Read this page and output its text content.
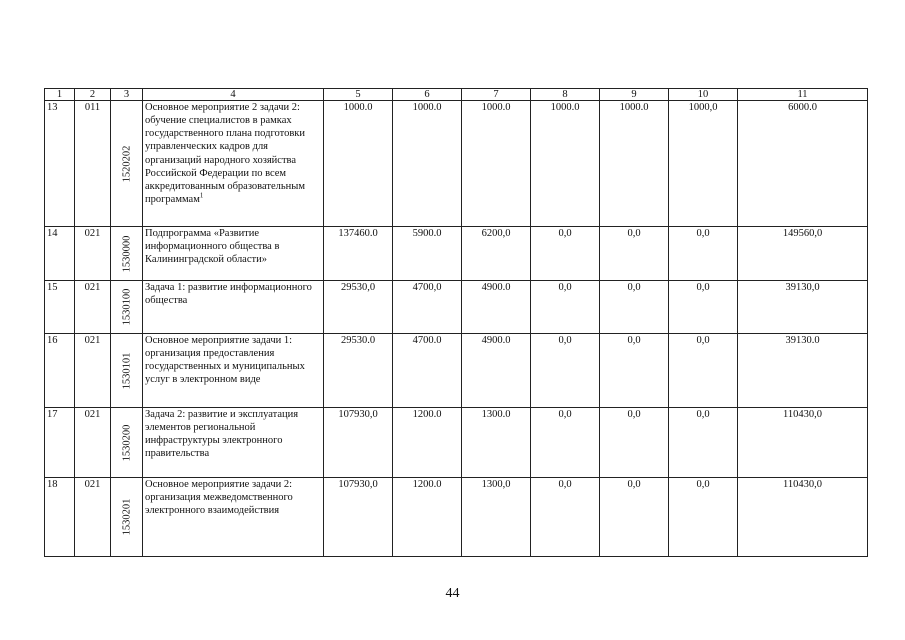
1	2	3	4	5	6	7	8	9	10	11
13	011	1520202	Основное мероприятие 2 задачи 2: обучение специалистов в рамках государственного плана подготовки управленческих кадров для организаций народного хозяйства Российской Федерации по всем аккредитованным образовательным программам$^1$	1000.0	1000.0	1000.0	1000.0	1000.0	1000,0	6000.0
14	021	1530000	Подпрограмма «Развитие информационного общества в Калининградской области»	137460.0	5900.0	6200,0	0,0	0,0	0,0	149560,0
15	021	1530100	Задача 1: развитие информационного общества	29530,0	4700,0	4900.0	0,0	0,0	0,0	39130,0
16	021	1530101	Основное мероприятие задачи 1: организация предоставления государственных и муниципальных услуг в электронном виде	29530.0	4700.0	4900.0	0,0	0,0	0,0	39130.0
17	021	1530200	Задача 2: развитие и эксплуатация элементов региональной инфраструктуры электронного правительства	107930,0	1200.0	1300.0	0,0	0,0	0,0	110430,0
18	021	1530201	Основное мероприятие задачи 2: организация межведомственного электронного взаимодействия	107930,0	1200.0	1300,0	0,0	0,0	0,0	110430,0
44
